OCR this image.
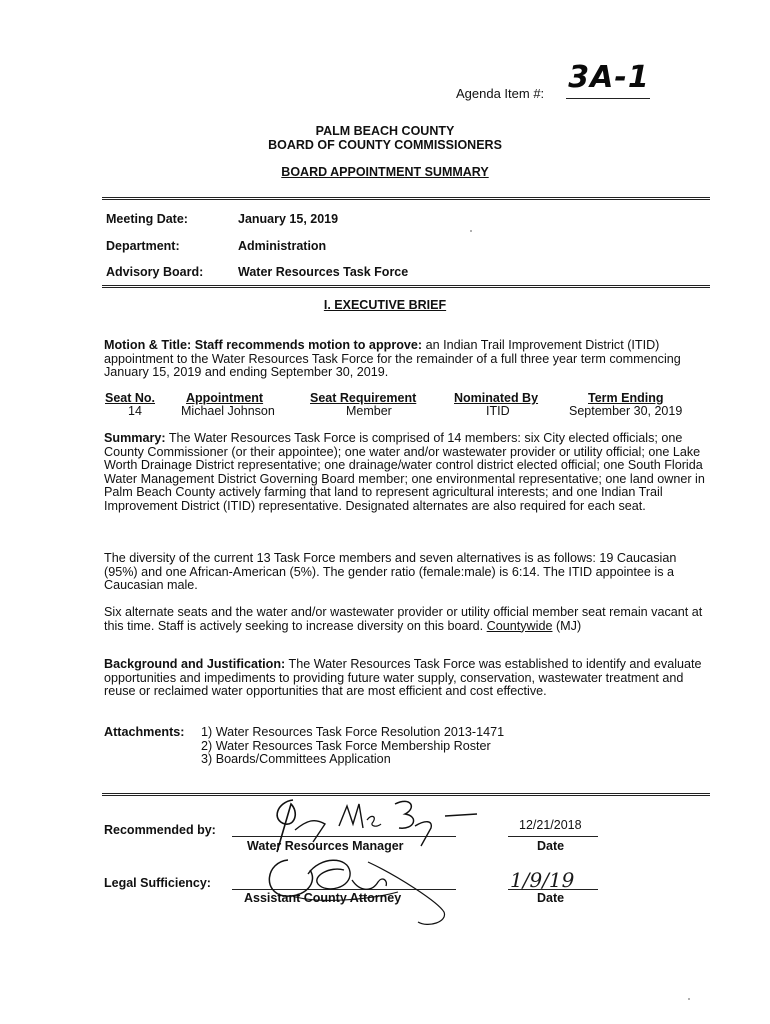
Agenda Item #: 3A-1
PALM BEACH COUNTY
BOARD OF COUNTY COMMISSIONERS
BOARD APPOINTMENT SUMMARY
Meeting Date:	January 15, 2019
Department:	Administration
Advisory Board:	Water Resources Task Force
I. EXECUTIVE BRIEF
Motion & Title: Staff recommends motion to approve: an Indian Trail Improvement District (ITID) appointment to the Water Resources Task Force for the remainder of a full three year term commencing January 15, 2019 and ending September 30, 2019.
Seat No. Appointment	Seat Requirement	Nominated By	Term Ending
14	Michael Johnson	Member	ITID	September 30, 2019
Summary: The Water Resources Task Force is comprised of 14 members: six City elected officials; one County Commissioner (or their appointee); one water and/or wastewater provider or utility official; one Lake Worth Drainage District representative; one drainage/water control district elected official; one South Florida Water Management District Governing Board member; one environmental representative; one land owner in Palm Beach County actively farming that land to represent agricultural interests; and one Indian Trail Improvement District (ITID) representative. Designated alternates are also required for each seat.
The diversity of the current 13 Task Force members and seven alternatives is as follows: 19 Caucasian (95%) and one African-American (5%). The gender ratio (female:male) is 6:14. The ITID appointee is a Caucasian male.
Six alternate seats and the water and/or wastewater provider or utility official member seat remain vacant at this time. Staff is actively seeking to increase diversity on this board. Countywide (MJ)
Background and Justification: The Water Resources Task Force was established to identify and evaluate opportunities and impediments to providing future water supply, conservation, wastewater treatment and reuse or reclaimed water opportunities that are most efficient and cost effective.
Attachments: 1) Water Resources Task Force Resolution 2013-1471
2) Water Resources Task Force Membership Roster
3) Boards/Committees Application
Recommended by:
Water Resources Manager
12/21/2018
Date
Legal Sufficiency:
Assistant County Attorney
1/9/19
Date
